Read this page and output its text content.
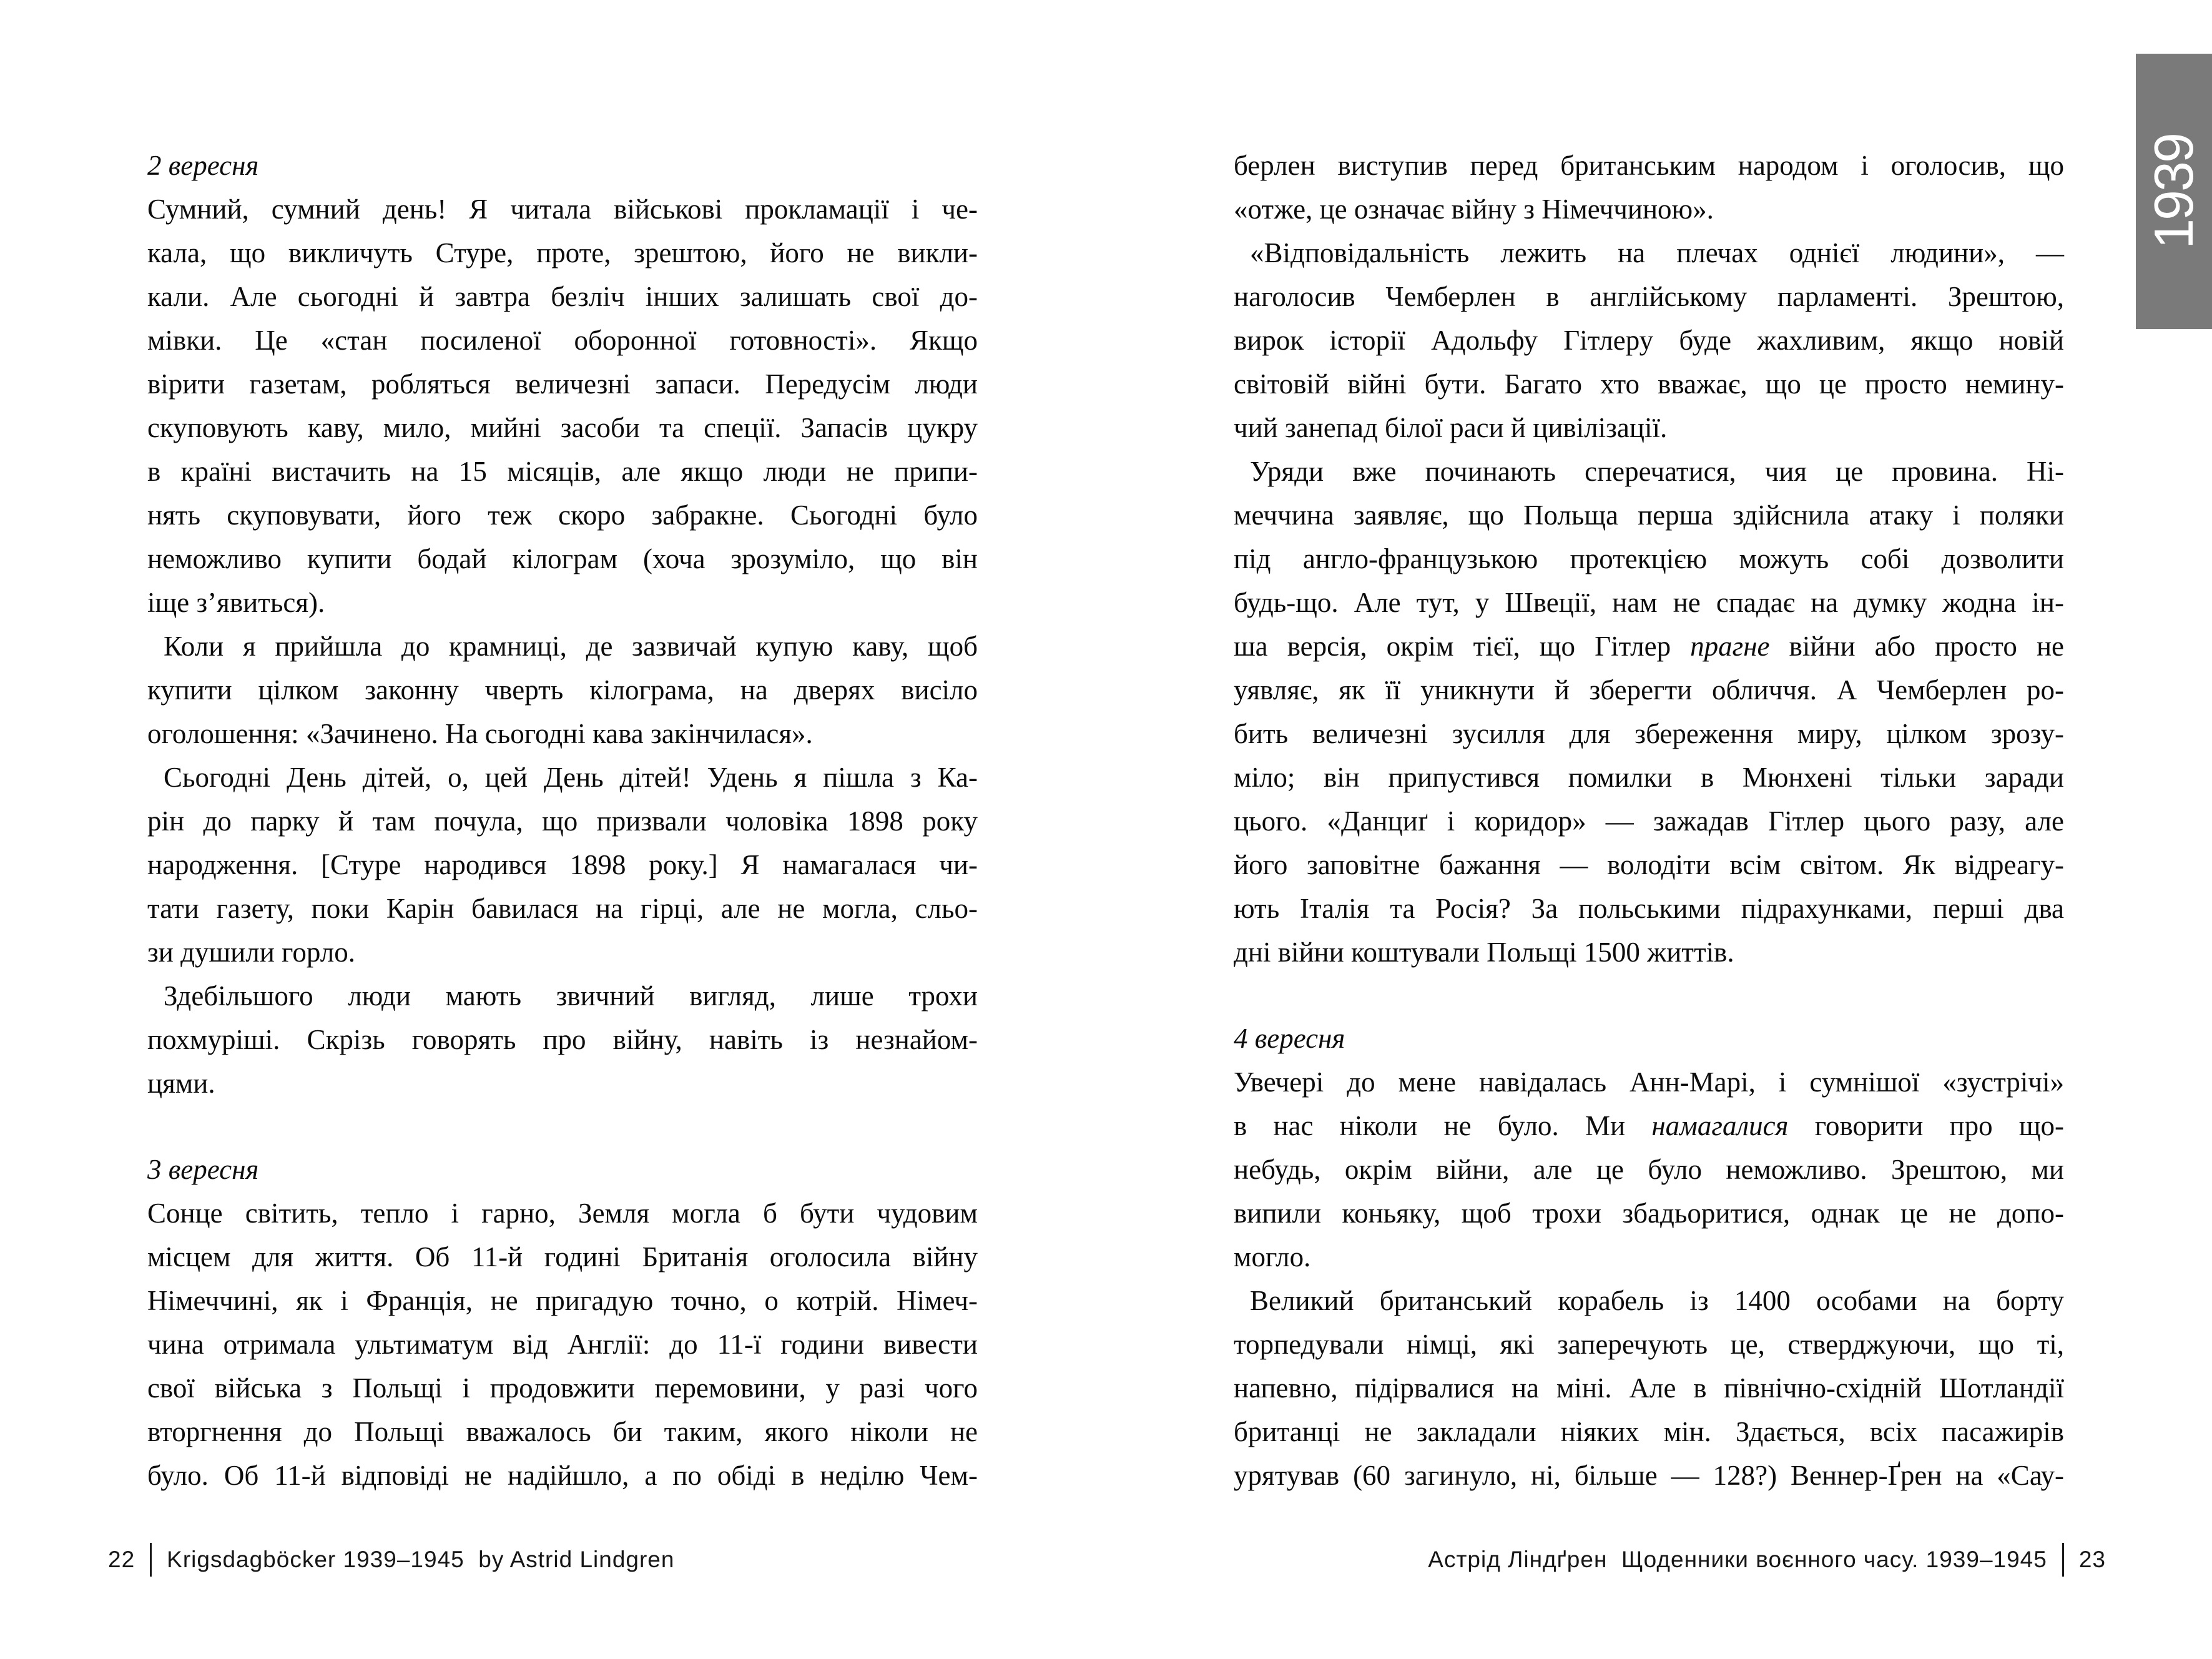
2 вересня
Сумний, сумний день! Я читала військові прокламації і че-
кала, що викличуть Стуре, проте, зрештою, його не викли-
кали. Але сьогодні й завтра безліч інших залишать свої до-
мівки. Це «стан посиленої оборонної готовності». Якщо
вірити газетам, робляться величезні запаси. Передусім люди
скуповують каву, мило, мийні засоби та спеції. Запасів цукру
в країні вистачить на 15 місяців, але якщо люди не припи-
нять скуповувати, його теж скоро забракне. Сьогодні було
неможливо купити бодай кілограм (хоча зрозуміло, що він
іще з’явиться).
Коли я прийшла до крамниці, де зазвичай купую каву, щоб
купити цілком законну чверть кілограма, на дверях висіло
оголошення: «Зачинено. На сьогодні кава закінчилася».
Сьогодні День дітей, о, цей День дітей! Удень я пішла з Ка-
рін до парку й там почула, що призвали чоловіка 1898 року
народження. [Стуре народився 1898 року.] Я намагалася чи-
тати газету, поки Карін бавилася на гірці, але не могла, сльо-
зи душили горло.
Здебільшого люди мають звичний вигляд, лише трохи
похмуріші. Скрізь говорять про війну, навіть із незнайом-
цями.
3 вересня
Сонце світить, тепло і гарно, Земля могла б бути чудовим
місцем для життя. Об 11-й годині Британія оголосила війну
Німеччині, як і Франція, не пригадую точно, о котрій. Німеч-
чина отримала ультиматум від Англії: до 11-ї години вивести
свої війська з Польщі і продовжити перемовини, у разі чого
вторгнення до Польщі вважалось би таким, якого ніколи не
було. Об 11-й відповіді не надійшло, а по обіді в неділю Чем-
берлен виступив перед британським народом і оголосив, що
«отже, це означає війну з Німеччиною».
«Відповідальність лежить на плечах однієї людини», —
наголосив Чемберлен в англійському парламенті. Зрештою,
вирок історії Адольфу Гітлеру буде жахливим, якщо новій
світовій війні бути. Багато хто вважає, що це просто немину-
чий занепад білої раси й цивілізації.
Уряди вже починають сперечатися, чия це провина. Ні-
меччина заявляє, що Польща перша здійснила атаку і поляки
під англо-французькою протекцією можуть собі дозволити
будь-що. Але тут, у Швеції, нам не спадає на думку жодна ін-
ша версія, окрім тієї, що Гітлер прагне війни або просто не
уявляє, як її уникнути й зберегти обличчя. А Чемберлен ро-
бить величезні зусилля для збереження миру, цілком зрозу-
міло; він припустився помилки в Мюнхені тільки заради
цього. «Данциґ і коридор» — зажадав Гітлер цього разу, але
його заповітне бажання — володіти всім світом. Як відреагу-
ють Італія та Росія? За польськими підрахунками, перші два
дні війни коштували Польщі 1500 життів.
4 вересня
Увечері до мене навідалась Анн-Марі, і сумнішої «зустрічі»
в нас ніколи не було. Ми намагалися говорити про що-
небудь, окрім війни, але це було неможливо. Зрештою, ми
випили коньяку, щоб трохи збадьоритися, однак це не допо-
могло.
Великий британський корабель із 1400 особами на борту
торпедували німці, які заперечують це, стверджуючи, що ті,
напевно, підірвалися на міні. Але в північно-східній Шотландії
британці не закладали ніяких мін. Здається, всіх пасажирів
урятував (60 загинуло, ні, більше — 128?) Веннер-Ґрен на «Сау-
22 Krigsdagböcker 1939–1945  by Astrid Lindgren	Астрід Ліндґрен  Щоденники воєнного часу. 1939–1945 23
1939
